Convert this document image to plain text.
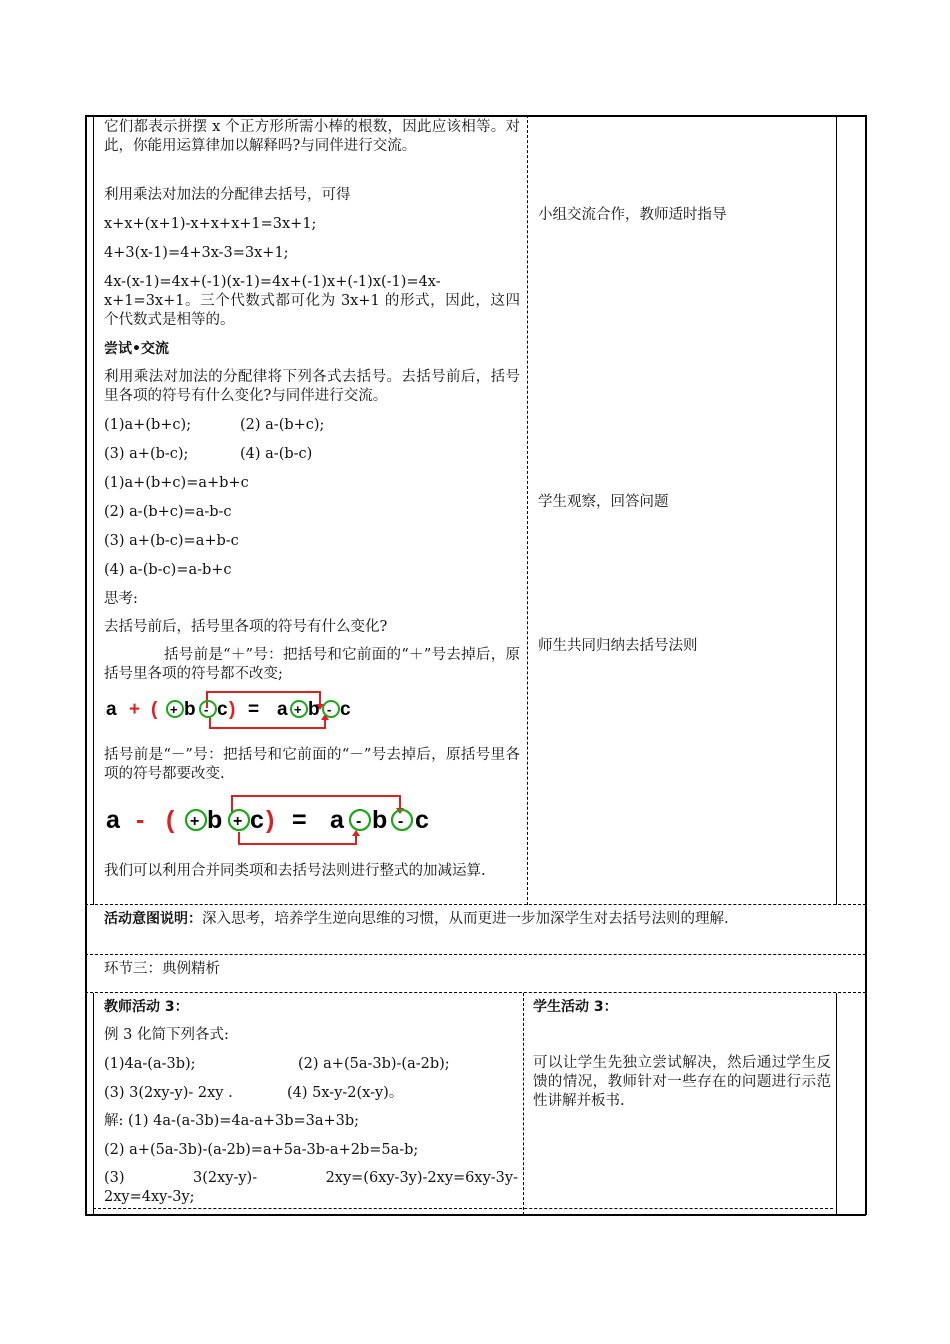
它们都表示拼摆 x 个正方形所需小棒的根数，因此应该相等。对此，你能用运算律加以解释吗?与同伴进行交流。
利用乘法对加法的分配律去括号，可得
x+x+(x+1)-x+x+x+1=3x+1;
4+3(x-1)=4+3x-3=3x+1;
4x-(x-1)=4x+(-1)(x-1)=4x+(-1)x+(-1)x(-1)=4x-x+1=3x+1。三个代数式都可化为 3x+1 的形式，因此，这四个代数式是相等的。
尝试•交流
利用乘法对加法的分配律将下列各式去括号。去括号前后，括号里各项的符号有什么变化?与同伴进行交流。
(1)a+(b+c);	(2) a-(b+c);
(3) a+(b-c);	(4) a-(b-c)
(1)a+(b+c)=a+b+c
(2) a-(b+c)=a-b-c
(3) a+(b-c)=a+b-c
(4) a-(b-c)=a-b+c
思考:
去括号前后，括号里各项的符号有什么变化?
括号前是“＋”号：把括号和它前面的“＋”号去掉后，原括号里各项的符号都不改变;
a + ( + b - c ) = a + b - c
括号前是“－”号：把括号和它前面的“－”号去掉后，原括号里各项的符号都要改变.
a - ( + b + c ) = a - b - c
我们可以利用合并同类项和去括号法则进行整式的加减运算.
小组交流合作，教师适时指导
学生观察，回答问题
师生共同归纳去括号法则
活动意图说明：深入思考，培养学生逆向思维的习惯，从而更进一步加深学生对去括号法则的理解.
环节三：典例精析
教师活动 3：
例 3 化简下列各式:
(1)4a-(a-3b);	(2) a+(5a-3b)-(a-2b);
(3) 3(2xy-y)- 2xy .	(4) 5x-y-2(x-y)。
解: (1) 4a-(a-3b)=4a-a+3b=3a+3b;
(2) a+(5a-3b)-(a-2b)=a+5a-3b-a+2b=5a-b;
(3)        3(2xy-y)-        2xy=(6xy-3y)-2xy=6xy-3y-2xy=4xy-3y;
学生活动 3：
可以让学生先独立尝试解决，然后通过学生反馈的情况，教师针对一些存在的问题进行示范性讲解并板书.
